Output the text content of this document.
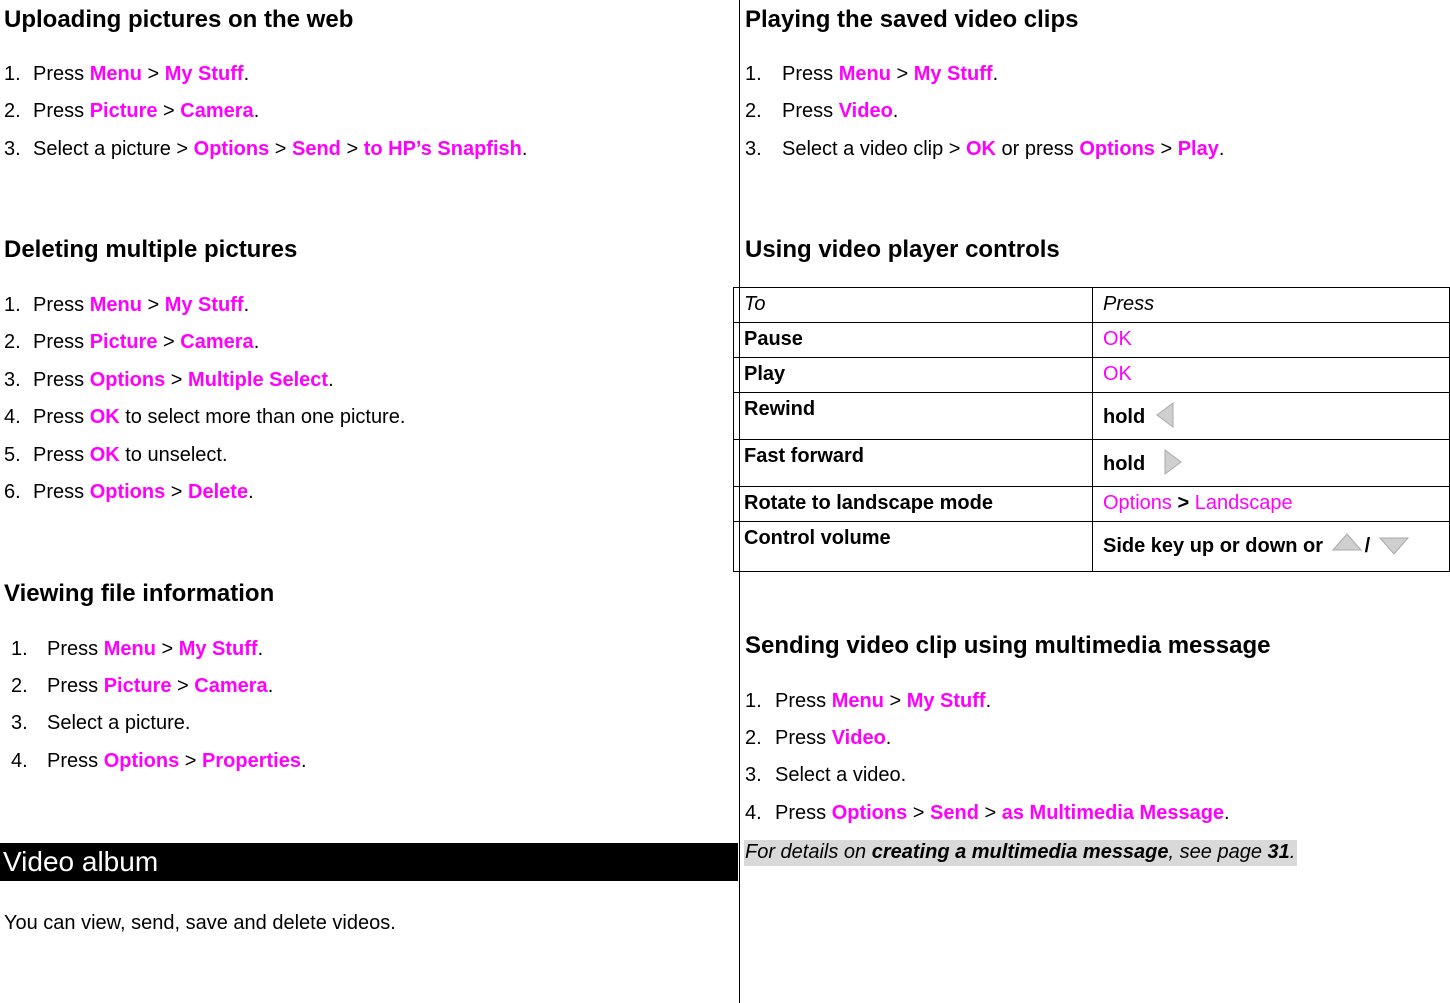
Uploading pictures on the web
1. Press Menu > My Stuff.
2. Press Picture > Camera.
3. Select a picture > Options > Send > to HP’s Snapfish.
Deleting multiple pictures
1. Press Menu > My Stuff.
2. Press Picture > Camera.
3. Press Options > Multiple Select.
4. Press OK to select more than one picture.
5. Press OK to unselect.
6. Press Options > Delete.
Viewing file information
1. Press Menu > My Stuff.
2. Press Picture > Camera.
3. Select a picture.
4. Press Options > Properties.
Video album
You can view, send, save and delete videos.
Playing the saved video clips
1. Press Menu > My Stuff.
2. Press Video.
3. Select a video clip > OK or press Options > Play.
Using video player controls
To	Press
Pause	OK
Play	OK
Rewind	hold

Fast forward	hold

Rotate to landscape mode	Options > Landscape
Control volume	Side key up or down or /
Sending video clip using multimedia message
1. Press Menu > My Stuff.
2. Press Video.
3. Select a video.
4. Press Options > Send > as Multimedia Message.
For details on creating a multimedia message, see page 31.
